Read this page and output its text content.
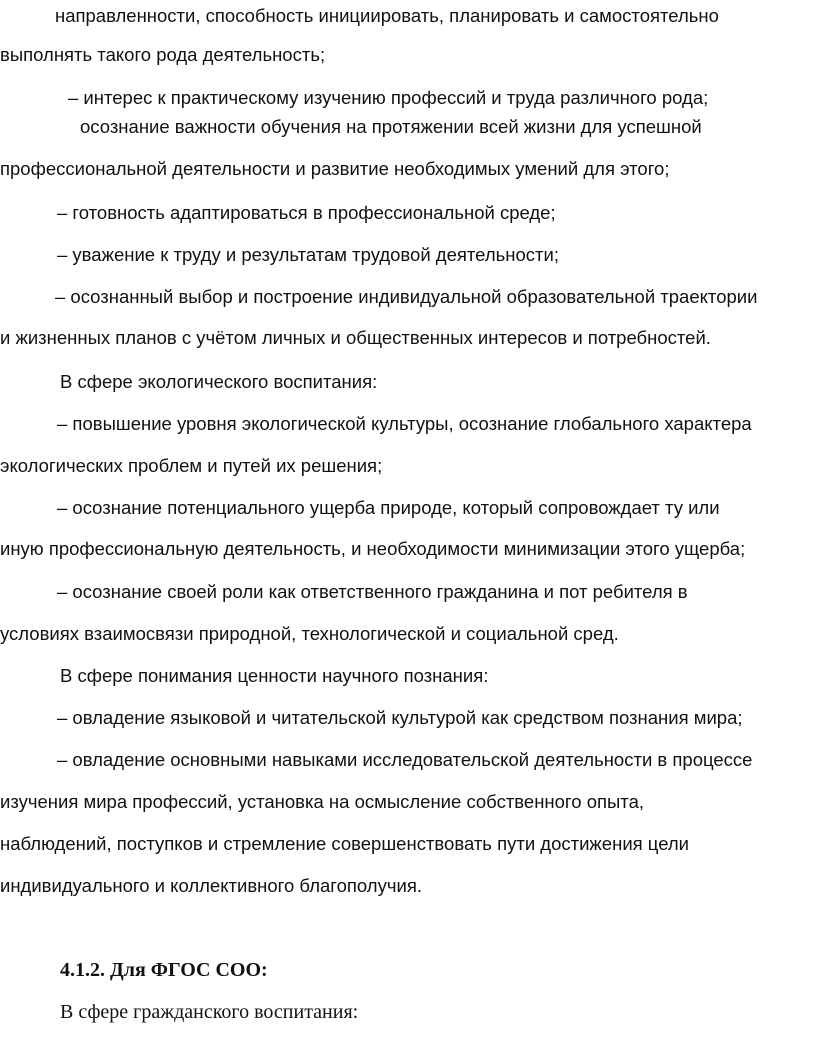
направленности, способность инициировать, планировать и самостоятельно
выполнять такого рода деятельность;
– интерес к практическому изучению профессий и труда различного рода;
осознание важности обучения на протяжении всей жизни для успешной
профессиональной деятельности и развитие необходимых умений для этого;
– готовность адаптироваться в профессиональной среде;
– уважение к труду и результатам трудовой деятельности;
– осознанный выбор и построение индивидуальной образовательной траектории
и жизненных планов с учётом личных и общественных интересов и потребностей.
В сфере экологического воспитания:
– повышение уровня экологической культуры, осознание глобального характера
экологических проблем и путей их решения;
– осознание потенциального ущерба природе, который сопровождает ту или
иную профессиональную деятельность, и необходимости минимизации этого ущерба;
– осознание своей роли как ответственного гражданина и пот ребителя в
условиях взаимосвязи природной, технологической и социальной сред.
В сфере понимания ценности научного познания:
– овладение языковой и читательской культурой как средством познания мира;
– овладение основными навыками исследовательской деятельности в процессе
изучения мира профессий, установка на осмысление собственного опыта,
наблюдений, поступков и стремление совершенствовать пути достижения цели
индивидуального и коллективного благополучия.
4.1.2. Для ФГОС СОО:
В сфере гражданского воспитания:
